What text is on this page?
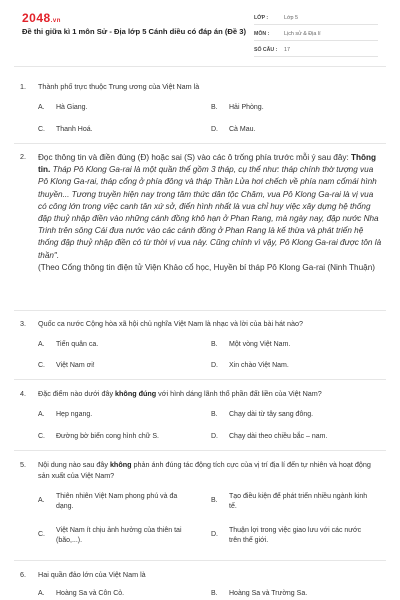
2048.vn
Đề thi giữa kì 1 môn Sử - Địa lớp 5 Cánh diều có đáp án (Đề 3)
LỚP :	Lớp 5
MÔN :	Lịch sử & Địa lí
SỐ CÂU :	17
1.	Thành phố trực thuộc Trung ương của Việt Nam là
A.	Hà Giang.	B.	Hải Phòng.
C.	Thanh Hoá.	D.	Cà Mau.
2.	Đọc thông tin và điền đúng (Đ) hoặc sai (S) vào các ô trống phía trước mỗi ý sau đây: Thông tin. Tháp Pô Klong Ga-rai là một quần thể gồm 3 tháp, cụ thể như: tháp chính thờ tượng vua Pô Klong Ga-rai, tháp cổng ở phía đông và tháp Thần Lửa hơi chếch về phía nam cổmái hình thuyền... Tương truyền hiện nay trong tâm thức dân tộc Chăm, vua Pô Klong Ga-rai là vị vua có công lớn trong việc canh tân xứ sở, điển hình nhất là vua chỉ huy việc xây dựng hệ thống đập thuỷ nhập điền vào những cánh đồng khô hạn ở Phan Rang, mà ngày nay, đập nước Nha Trinh trên sông Cái đưa nước vào các cánh đồng ở Phan Rang là kế thừa và phát triển hệ thống đập thuỷ nhập điền có từ thời vị vua này. Cũng chính vì vậy, Pô Klong Ga-rai được tôn là thần".
(Theo Cổng thông tin điện tử Viện Khảo cổ học, Huyền bí tháp Pô Klong Ga-rai (Ninh Thuận)
3.	Quốc ca nước Cộng hòa xã hội chủ nghĩa Việt Nam là nhạc và lời của bài hát nào?
A.	Tiến quân ca.	B.	Một vòng Việt Nam.
C.	Việt Nam ơi!	D.	Xin chào Việt Nam.
4.	Đặc điểm nào dưới đây không đúng với hình dáng lãnh thổ phần đất liền của Việt Nam?
A.	Hẹp ngang.	B.	Chạy dài từ tây sang đông.
C.	Đường bờ biển cong hình chữ S.	D.	Chạy dài theo chiều bắc – nam.
5.	Nội dung nào sau đây không phản ánh đúng tác động tích cực của vị trí địa lí đến tự nhiên và hoạt động sản xuất của Việt Nam?
A.
Thiên nhiên Việt Nam phong phú và đa dạng.
B.
Tạo điều kiện để phát triển nhiều ngành kinh tế.
C.
Việt Nam ít chịu ảnh hưởng của thiên tai (bão,...).
D.
Thuận lợi trong việc giao lưu với các nước trên thế giới.
6.	Hai quần đảo lớn của Việt Nam là
A.	Hoàng Sa và Côn Cỏ.	B.	Hoàng Sa và Trường Sa.
